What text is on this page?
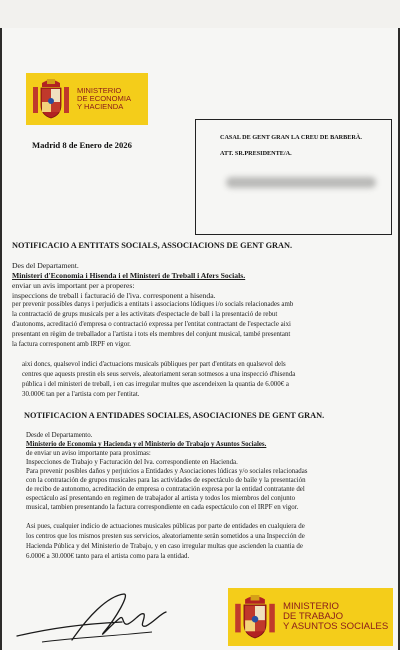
MINISTERIO
DE ECONOMIA
Y HACIENDA
Madrid 8 de Enero de 2026
CASAL DE GENT GRAN LA CREU DE BARBERÀ.
ATT. SR.PRESIDENTE/A.
NOTIFICACIO A ENTITATS SOCIALS, ASSOCIACIONS DE GENT GRAN.
Des del Departament.
Ministeri d'Economia i Hisenda i el Ministeri de Treball i Afers Socials.
enviar un avis important per a properes:
inspeccions de treball i facturació de l'iva. corresponent a hisenda.
per prevenir possibles danys i perjudicis a entitats i associacions lúdiques i/o socials relacionades amb
la contractació de grups musicals per a les activitats d'espectacle de ball i la presentació de rebut
d'autonoms, acreditació d'empresa o contractació expressa per l'entitat contractant de l'espectacle aixi
presentant en règim de treballador a l'artista i tots els membres del conjunt musical, també presentant
la factura corresponent amb IRPF en vigor.
aixi doncs, qualsevol indici d'actuacions musicals públiques per part d'entitats en qualsevol dels
centres que aquests prestin els seus serveis, aleatoriament seran sotmesos a una inspecció d'hisenda
pública i del ministeri de treball, i en cas irregular multes que ascendeixen la quantia de 6.000€ a
30.000€ tan per a l'artista com per l'entitat.
NOTIFICACION A ENTIDADES SOCIALES, ASOCIACIONES DE GENT GRAN.
Desde el Departamento.
Ministerio de Economia y Hacienda y el Ministerio de Trabajo y Asuntos Sociales.
de enviar un aviso importante para proximas:
Inspecciones de Trabajo y Facturación del Iva. correspondiente en Hacienda.
Para prevenir posibles daños y perjuicios a Entidades y Asociaciones lúdicas y/o sociales relacionadas
con la contratación de grupos musicales para las actividades de espectáculo de baile y la presentación
de recibo de autonomo, acreditación de empresa o contratación expresa por la entidad contratante del
espectáculo así presentando en regimen de trabajador al artista y todos los miembros del conjunto
musical, tambien presentando la factura correspondiente en cada espectáculo con el IRPF en vigor.
Asi pues, cualquier indicio de actuaciones musicales públicas por parte de entidades en cualquiera de
los centros que los mismos presten sus servicios, aleatoriamente serán sometidos a una Inspección de
Hacienda Pública y del Ministerio de Trabajo, y en caso irregular multas que ascienden la cuantia de
6.000€ a 30.000€ tanto para el artista como para la entidad.
MINISTERIO
DE TRABAJO
Y ASUNTOS SOCIALES
